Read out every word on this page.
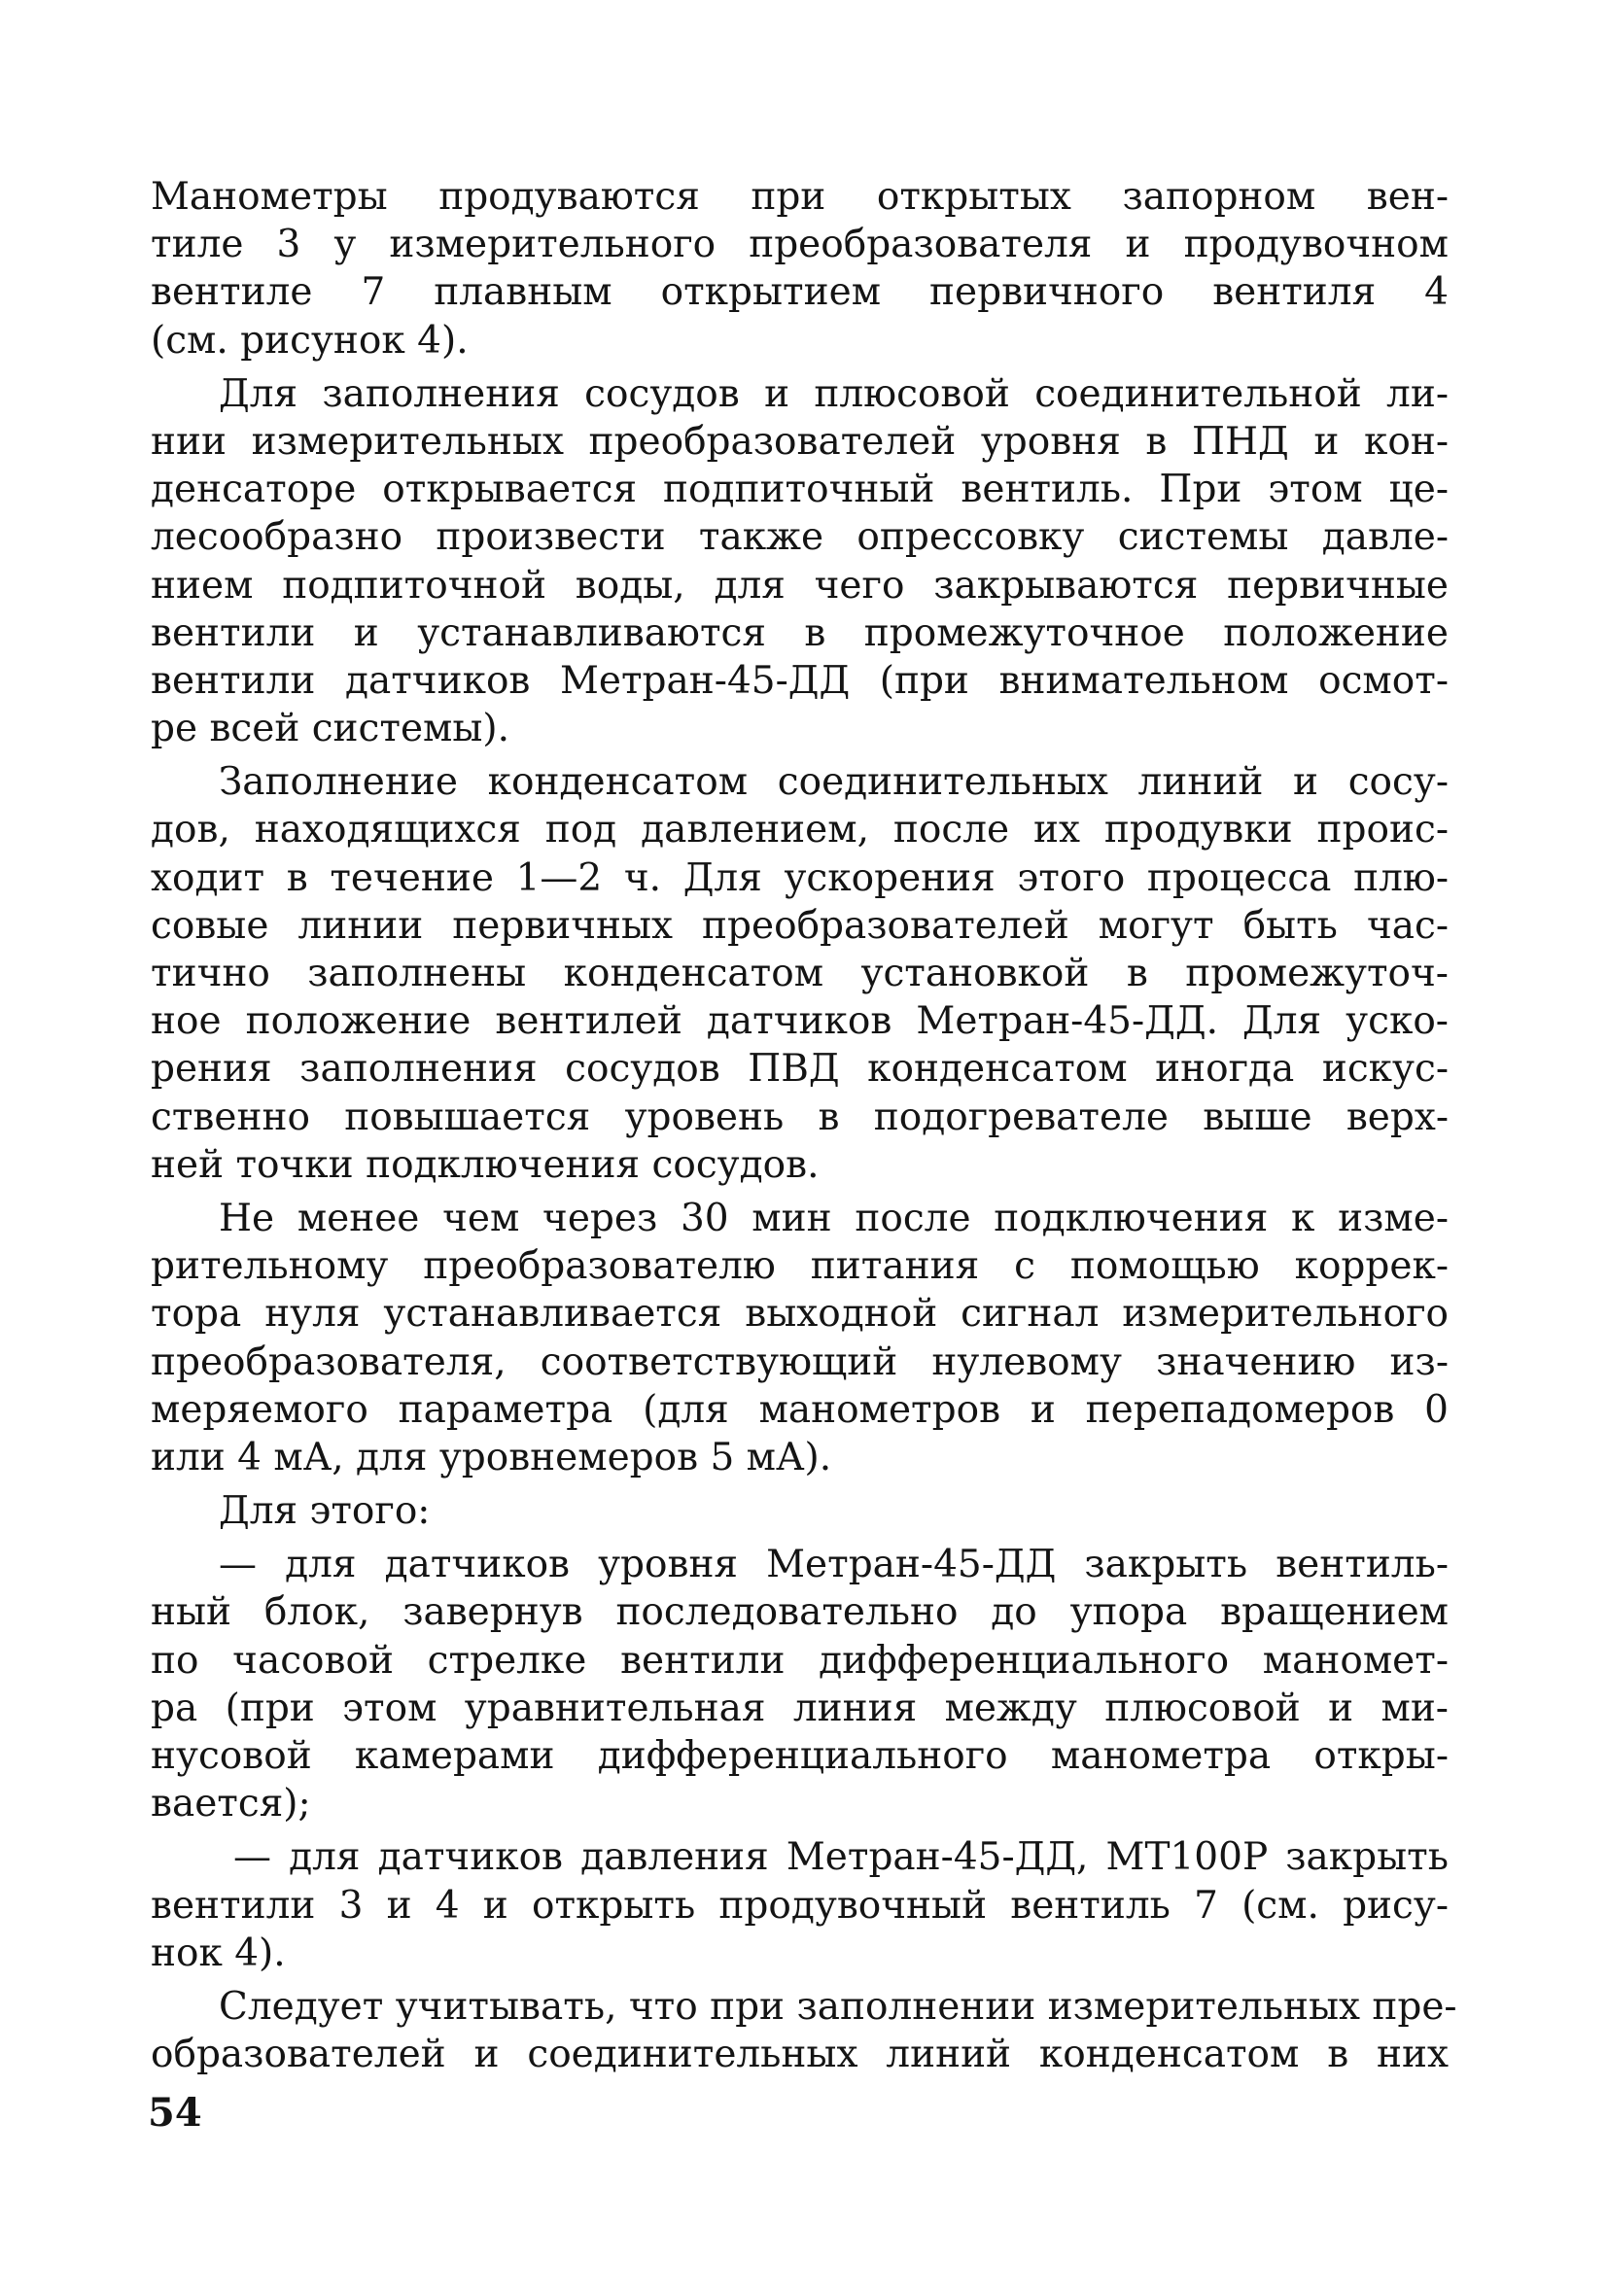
Манометры продуваются при открытых запорном вен-
тиле 3 у измерительного преобразователя и продувочном
вентиле 7 плавным открытием первичного вентиля 4
(см. рисунок 4).
Для заполнения сосудов и плюсовой соединительной ли-
нии измерительных преобразователей уровня в ПНД и кон-
денсаторе открывается подпиточный вентиль. При этом це-
лесообразно произвести также опрессовку системы давле-
нием подпиточной воды, для чего закрываются первичные
вентили и устанавливаются в промежуточное положение
вентили датчиков Метран-45-ДД (при внимательном осмот-
ре всей системы).
Заполнение конденсатом соединительных линий и сосу-
дов, находящихся под давлением, после их продувки проис-
ходит в течение 1—2 ч. Для ускорения этого процесса плю-
совые линии первичных преобразователей могут быть час-
тично заполнены конденсатом установкой в промежуточ-
ное положение вентилей датчиков Метран-45-ДД. Для уско-
рения заполнения сосудов ПВД конденсатом иногда искус-
ственно повышается уровень в подогревателе выше верх-
ней точки подключения сосудов.
Не менее чем через 30 мин после подключения к изме-
рительному преобразователю питания с помощью коррек-
тора нуля устанавливается выходной сигнал измерительного
преобразователя, соответствующий нулевому значению из-
меряемого параметра (для манометров и перепадомеров 0
или 4 мА, для уровнемеров 5 мА).
Для этого:
— для датчиков уровня Метран-45-ДД закрыть вентиль-
ный блок, завернув последовательно до упора вращением
по часовой стрелке вентили дифференциального маномет-
ра (при этом уравнительная линия между плюсовой и ми-
нусовой камерами дифференциального манометра откры-
вается);
— для датчиков давления Метран-45-ДД, МТ100Р закрыть
вентили 3 и 4 и открыть продувочный вентиль 7 (см. рису-
нок 4).
Следует учитывать, что при заполнении измерительных пре-
образователей и соединительных линий конденсатом в них
54
